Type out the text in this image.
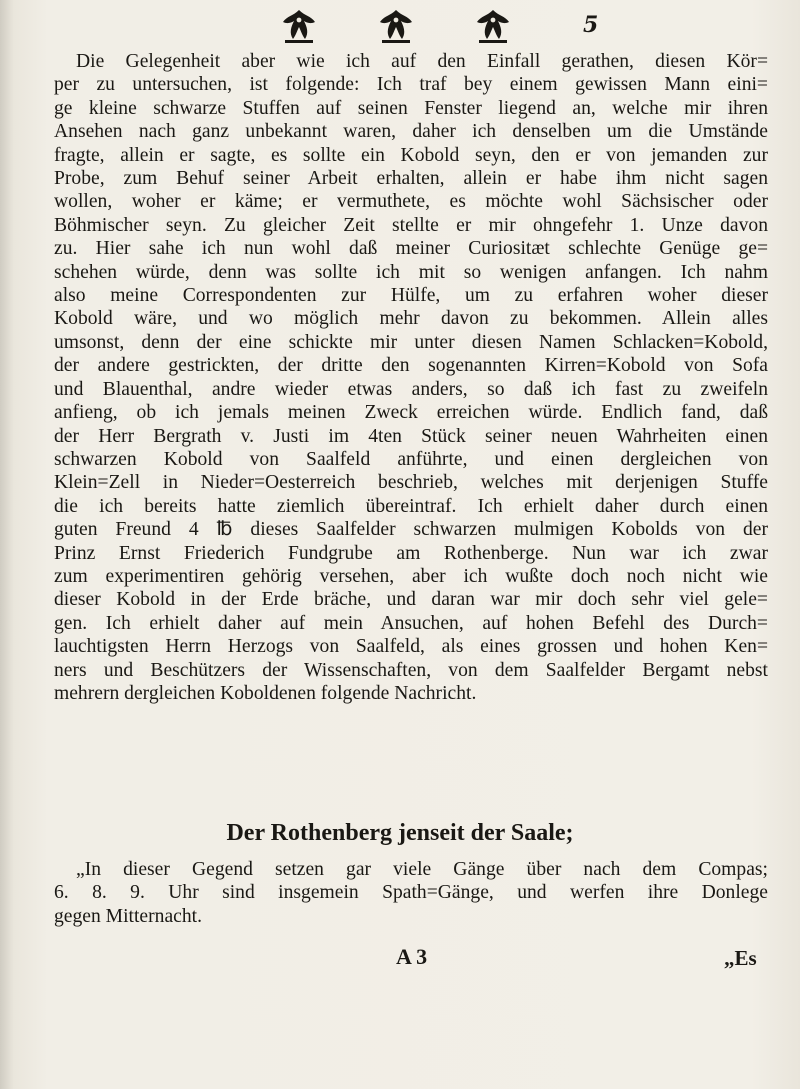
5

Die Gelegenheit aber wie ich auf den Einfall gerathen, diesen Kör=
per zu untersuchen, ist folgende: Ich traf bey einem gewissen Mann eini=
ge kleine schwarze Stuffen auf seinen Fenster liegend an, welche mir ihren
Ansehen nach ganz unbekannt waren, daher ich denselben um die Umstände
fragte, allein er sagte, es sollte ein Kobold seyn, den er von jemanden zur
Probe, zum Behuf seiner Arbeit erhalten, allein er habe ihm nicht sagen
wollen, woher er käme; er vermuthete, es möchte wohl Sächsischer oder
Böhmischer seyn. Zu gleicher Zeit stellte er mir ohngefehr 1. Unze davon
zu. Hier sahe ich nun wohl daß meiner Curiositæt schlechte Genüge ge=
schehen würde, denn was sollte ich mit so wenigen anfangen. Ich nahm
also meine Correspondenten zur Hülfe, um zu erfahren woher dieser
Kobold wäre, und wo möglich mehr davon zu bekommen. Allein alles
umsonst, denn der eine schickte mir unter diesen Namen Schlacken=Kobold,
der andere gestrickten, der dritte den sogenannten Kirren=Kobold von Sofa
und Blauenthal, andre wieder etwas anders, so daß ich fast zu zweifeln
anfieng, ob ich jemals meinen Zweck erreichen würde. Endlich fand, daß
der Herr Bergrath v. Justi im 4ten Stück seiner neuen Wahrheiten einen
schwarzen Kobold von Saalfeld anführte, und einen dergleichen von
Klein=Zell in Nieder=Oesterreich beschrieb, welches mit derjenigen Stuffe
die ich bereits hatte ziemlich übereintraf. Ich erhielt daher durch einen
guten Freund 4 ℔ dieses Saalfelder schwarzen mulmigen Kobolds von der
Prinz Ernst Friederich Fundgrube am Rothenberge. Nun war ich zwar
zum experimentiren gehörig versehen, aber ich wußte doch noch nicht wie
dieser Kobold in der Erde bräche, und daran war mir doch sehr viel gele=
gen. Ich erhielt daher auf mein Ansuchen, auf hohen Befehl des Durch=
lauchtigsten Herrn Herzogs von Saalfeld, als eines grossen und hohen Ken=
ners und Beschützers der Wissenschaften, von dem Saalfelder Bergamt nebst
mehrern dergleichen Koboldenen folgende Nachricht.

Der Rothenberg jenseit der Saale;

„In dieser Gegend setzen gar viele Gänge über nach dem Compas;
6. 8. 9. Uhr sind insgemein Spath=Gänge, und werfen ihre Donlege
gegen Mitternacht.

A 3	„Es
